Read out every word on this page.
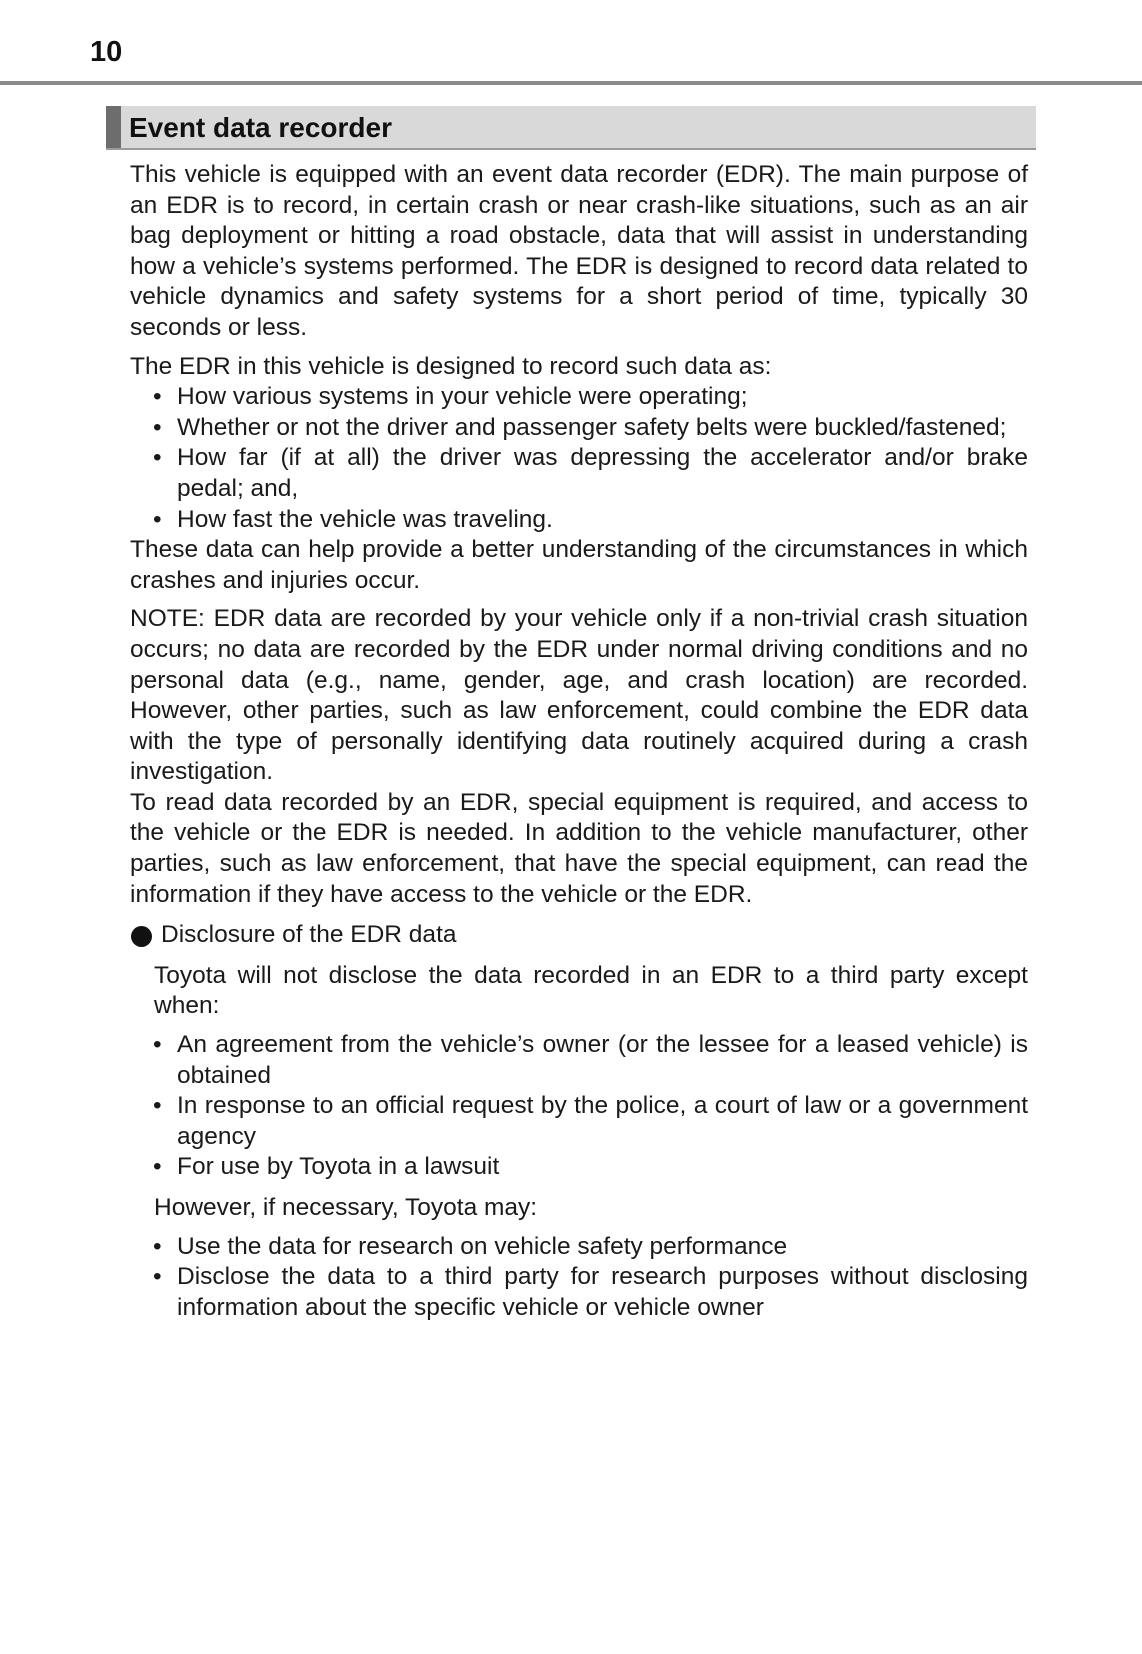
10
Event data recorder

This vehicle is equipped with an event data recorder (EDR). The main purpose of an EDR is to record, in certain crash or near crash-like situations, such as an air bag deployment or hitting a road obstacle, data that will assist in understanding how a vehicle’s systems performed. The EDR is designed to record data related to vehicle dynamics and safety systems for a short period of time, typically 30 seconds or less.

The EDR in this vehicle is designed to record such data as:

• How various systems in your vehicle were operating;
• Whether or not the driver and passenger safety belts were buckled/fastened;
• How far (if at all) the driver was depressing the accelerator and/or brake pedal; and,
• How fast the vehicle was traveling.

These data can help provide a better understanding of the circumstances in which crashes and injuries occur.

NOTE: EDR data are recorded by your vehicle only if a non-trivial crash situation occurs; no data are recorded by the EDR under normal driving conditions and no personal data (e.g., name, gender, age, and crash location) are recorded. However, other parties, such as law enforcement, could combine the EDR data with the type of personally identifying data routinely acquired during a crash investigation.

To read data recorded by an EDR, special equipment is required, and access to the vehicle or the EDR is needed. In addition to the vehicle manufacturer, other parties, such as law enforcement, that have the special equipment, can read the information if they have access to the vehicle or the EDR.

Disclosure of the EDR data

Toyota will not disclose the data recorded in an EDR to a third party except when:

• An agreement from the vehicle’s owner (or the lessee for a leased vehicle) is obtained
• In response to an official request by the police, a court of law or a government agency
• For use by Toyota in a lawsuit

However, if necessary, Toyota may:

• Use the data for research on vehicle safety performance
• Disclose the data to a third party for research purposes without disclosing information about the specific vehicle or vehicle owner
